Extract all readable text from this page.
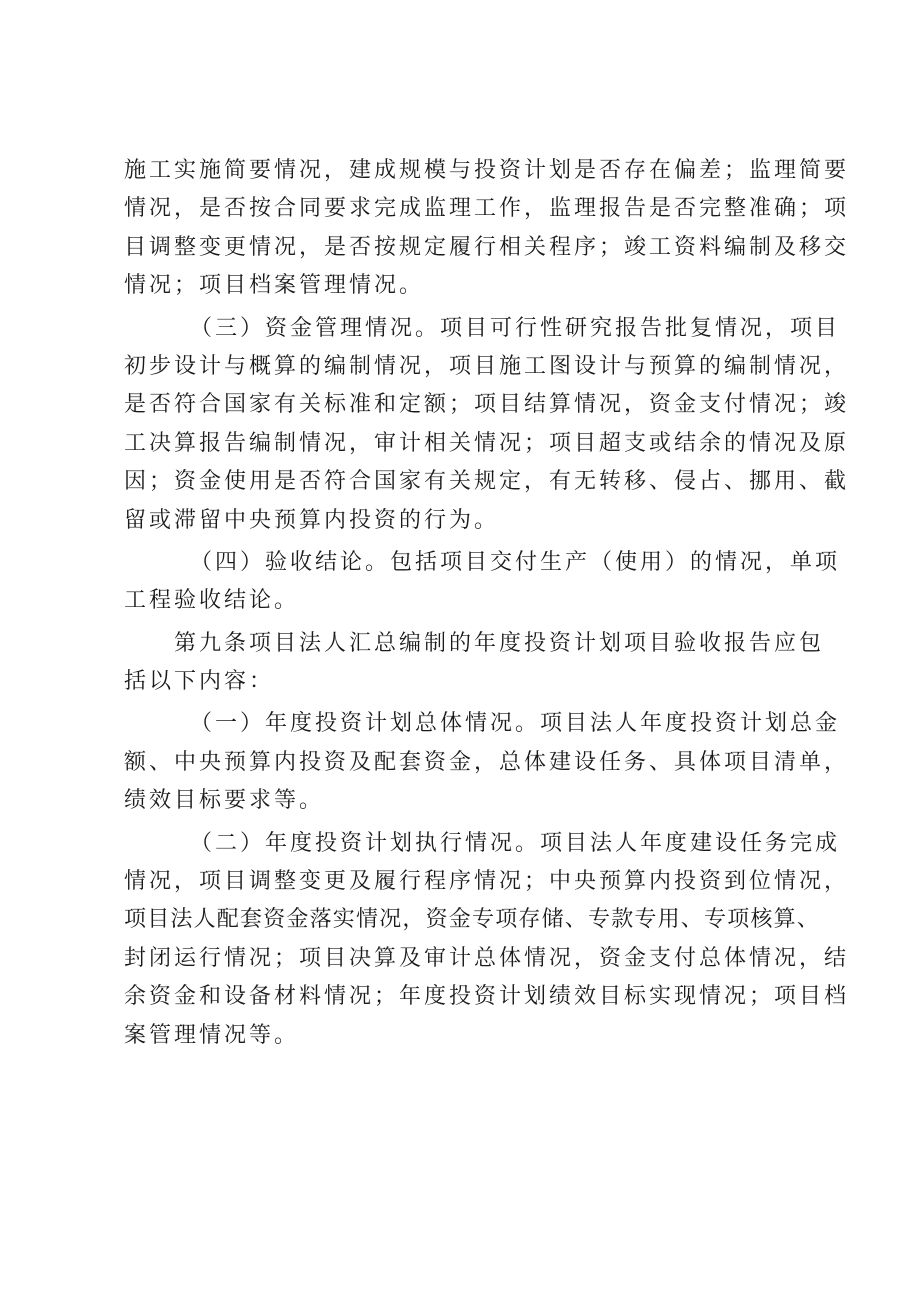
施工实施简要情况，建成规模与投资计划是否存在偏差；监理简要
情况，是否按合同要求完成监理工作，监理报告是否完整准确；项
目调整变更情况，是否按规定履行相关程序；竣工资料编制及移交
情况；项目档案管理情况。

（三）资金管理情况。项目可行性研究报告批复情况，项目
初步设计与概算的编制情况，项目施工图设计与预算的编制情况，
是否符合国家有关标准和定额；项目结算情况，资金支付情况；竣
工决算报告编制情况，审计相关情况；项目超支或结余的情况及原
因；资金使用是否符合国家有关规定，有无转移、侵占、挪用、截
留或滞留中央预算内投资的行为。

（四）验收结论。包括项目交付生产（使用）的情况，单项
工程验收结论。

第九条项目法人汇总编制的年度投资计划项目验收报告应包
括以下内容：

（一）年度投资计划总体情况。项目法人年度投资计划总金
额、中央预算内投资及配套资金，总体建设任务、具体项目清单，
绩效目标要求等。

（二）年度投资计划执行情况。项目法人年度建设任务完成
情况，项目调整变更及履行程序情况；中央预算内投资到位情况，
项目法人配套资金落实情况，资金专项存储、专款专用、专项核算、
封闭运行情况；项目决算及审计总体情况，资金支付总体情况，结
余资金和设备材料情况；年度投资计划绩效目标实现情况；项目档
案管理情况等。
